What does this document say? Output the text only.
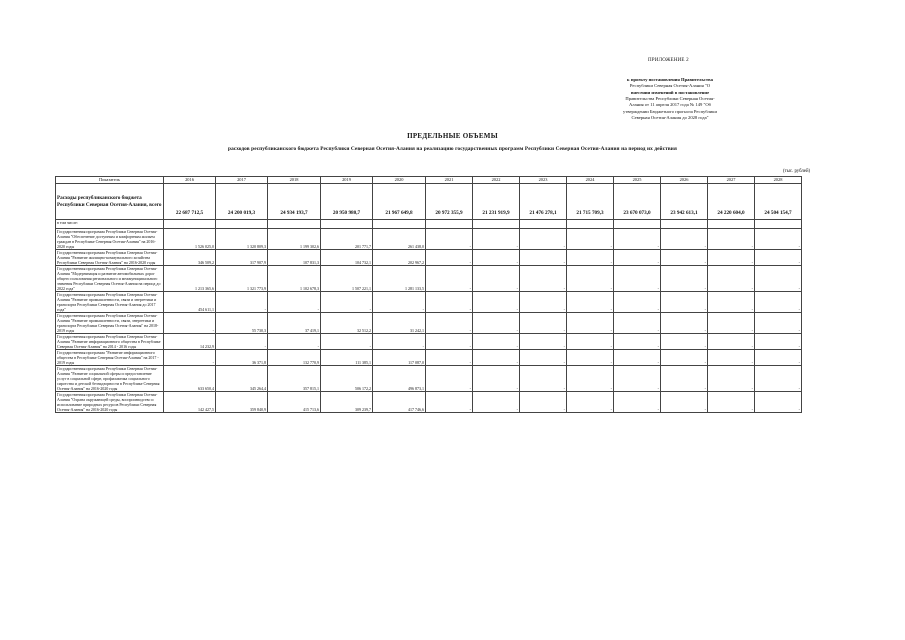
ПРИЛОЖЕНИЕ 2
к проекту постановления Правительства
Республики Северная Осетия-Алания "О
внесении изменений в постановление
Правительства Республики Северная Осетия-
Алания от 11 апреля 2017 года № 149 "Об
утверждении Бюджетного прогноза Республики
Северная Осетия-Алания до 2028 года"
ПРЕДЕЛЬНЫЕ ОБЪЕМЫ
расходов республиканского бюджета Республики Северная Осетия-Алания на реализацию государственных программ Республики Северная Осетия-Алания на период их действия
(тыс. рублей)
Показатель	2016	2017	2018	2019	2020	2021	2022	2023	2024	2025	2026	2027	2028
Расходы республиканского бюджета Республики Северная Осетия-Алания, всего	22 687 712,5	24 200 019,3	24 934 193,7	20 950 980,7	21 967 649,8	20 972 355,9	21 231 919,9	21 476 278,1	21 715 709,3	23 670 073,0	23 942 613,1	24 220 604,0	24 504 154,7
в том числе:													
Государственная программа Республики Северная Осетия-Алания "Обеспечение доступным и комфортным жильем граждан в Республике Северная Осетия-Алания" на 2016-2020 годы	1 526 025,0	1 320 809,3	1 199 302,6	201 771,7	261 438,0	-	-	-	-	-	-	-	-
Государственная программа Республики Северная Осетия-Алания "Развитие жилищно-коммунального хозяйства Республики Северная Осетия-Алания" на 2016-2020 годы	346 509,2	317 907,9	107 831,3	104 732,1	202 967,2	-	-	-	-	-	-	-	-
Государственная программа Республики Северная Осетия-Алания "Модернизация и развитие автомобильных дорог общего пользования регионального и межмуниципального значения Республики Северная Осетия-Алания на период до 2022 года"	1 213 365,6	1 321 773,9	1 102 678,3	1 507 221,1	1 281 133,5	-	-	-	-	-	-	-	-
Государственная программа Республики Северная Осетия-Алания "Развитие промышленности, связи и энергетики и транспорта Республики Северная Осетия-Алания до 2017 года"	454 611,1	-	-	-	-	-	-	-	-	-	-	-	-
Государственная программа Республики Северная Осетия-Алания "Развитие промышленности, связи, энергетики и транспорта Республики Северная Осетия-Алания" на 2018-2019 годы	-	55 730,3	37 419,1	32 512,2	31 242,1	-	-	-	-	-	-	-	-
Государственная программа Республики Северная Осетия-Алания "Развитие информационного общества в Республике Северная Осетия-Алания" на 2014 - 2016 годы	14 232,9	-	-	-	-	-	-	-	-	-	-	-	-
Государственная программа "Развитие информационного общества в Республике Северная Осетия-Алания" на 2017 - 2019 годы	-	36 371,8	132 770,9	111 385,1	117 087,0	-	-	-	-	-	-	-	-
Государственная программа Республики Северная Осетия-Алания "Развитие социальной сферы и предоставление услуг в социальной сфере, профилактика социального сиротства и детской безнадзорности в Республике Северная Осетия-Алания" на 2016-2020 годы	633 650,4	345 264,4	357 815,1	506 172,2	496 873,1	-	-	-	-	-	-	-	-
Государственная программа Республики Северная Осетия-Алания "Охрана окружающей среды, воспроизводство и использование природных ресурсов Республики Северная Осетия-Алания" на 2016-2020 годы	142 427,5	359 840,9	415 713,6	309 239,7	417 746,6	-	-	-	-	-	-	-	-
